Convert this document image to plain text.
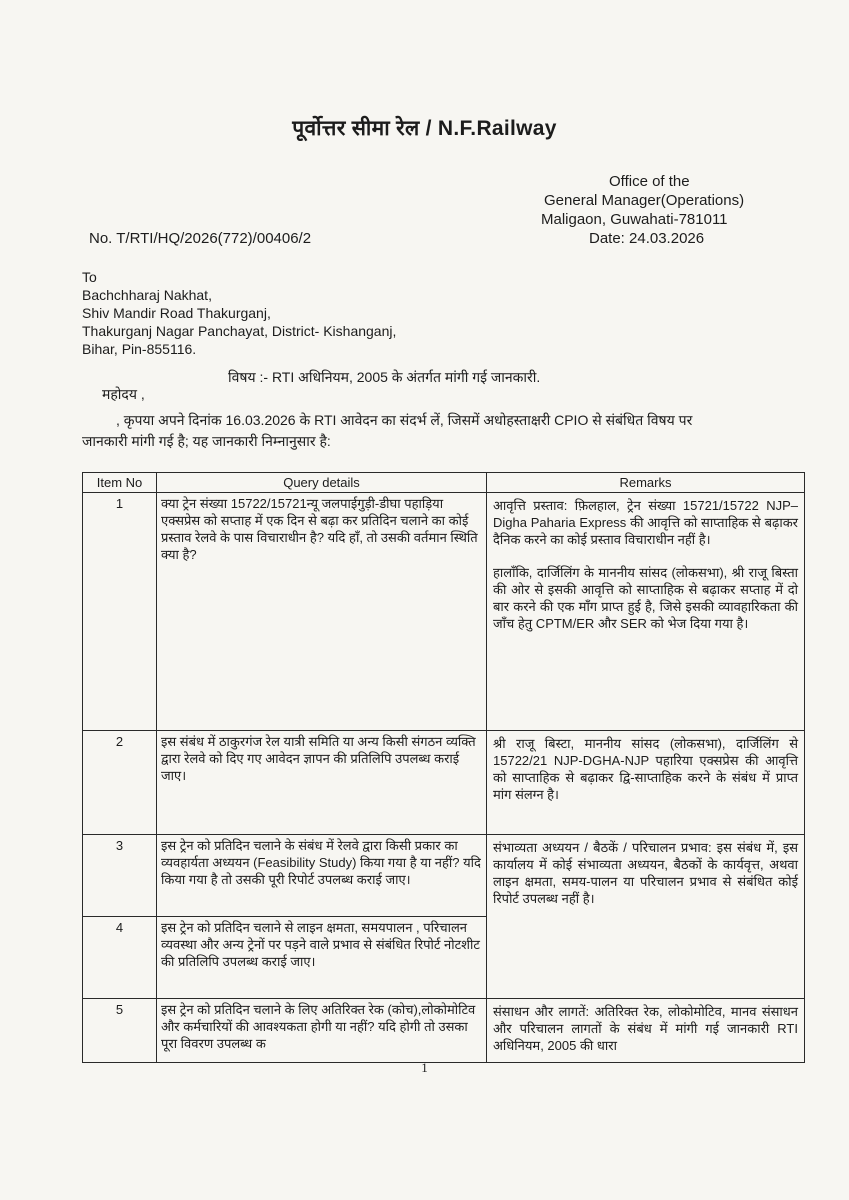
पूर्वोत्तर सीमा रेल / N.F.Railway
Office of the
General Manager(Operations)
Maligaon, Guwahati-781011
Date: 24.03.2026
No. T/RTI/HQ/2026(772)/00406/2
To
Bachchharaj Nakhat,
Shiv Mandir Road Thakurganj,
Thakurganj Nagar Panchayat, District- Kishanganj,
Bihar, Pin-855116.
विषय :- RTI अधिनियम, 2005 के अंतर्गत मांगी गई जानकारी.
महोदय ,
, कृपया अपने दिनांक 16.03.2026 के RTI आवेदन का संदर्भ लें, जिसमें अधोहस्ताक्षरी CPIO से संबंधित विषय पर
जानकारी मांगी गई है; यह जानकारी निम्नानुसार है:
Item No	Query details	Remarks
1	क्या ट्रेन संख्या 15722/15721न्यू जलपाईगुड़ी-डीघा पहाड़िया एक्सप्रेस को सप्ताह में एक दिन से बढ़ा कर प्रतिदिन चलाने का कोई प्रस्ताव रेलवे के पास विचाराधीन है? यदि हाँ, तो उसकी वर्तमान स्थिति क्या है?	आवृत्ति प्रस्ताव: फ़िलहाल, ट्रेन संख्या 15721/15722 NJP–Digha Paharia Express की आवृत्ति को साप्ताहिक से बढ़ाकर दैनिक करने का कोई प्रस्ताव विचाराधीन नहीं है।

हालाँकि, दार्जिलिंग के माननीय सांसद (लोकसभा), श्री राजू बिस्ता की ओर से इसकी आवृत्ति को साप्ताहिक से बढ़ाकर सप्ताह में दो बार करने की एक माँग प्राप्त हुई है, जिसे इसकी व्यावहारिकता की जाँच हेतु CPTM/ER और SER को भेज दिया गया है।

2	इस संबंध में ठाकुरगंज रेल यात्री समिति या अन्य किसी संगठन व्यक्ति द्वारा रेलवे को दिए गए आवेदन ज्ञापन की प्रतिलिपि उपलब्ध कराई जाए।	श्री राजू बिस्टा, माननीय सांसद (लोकसभा), दार्जिलिंग से 15722/21 NJP-DGHA-NJP पहारिया एक्सप्रेस की आवृत्ति को साप्ताहिक से बढ़ाकर द्वि-साप्ताहिक करने के संबंध में प्राप्त मांग संलग्न है।

3	इस ट्रेन को प्रतिदिन चलाने के संबंध में रेलवे द्वारा किसी प्रकार का व्यवहार्यता अध्ययन (Feasibility Study) किया गया है या नहीं? यदि किया गया है तो उसकी पूरी रिपोर्ट उपलब्ध कराई जाए।	संभाव्यता अध्ययन / बैठकें / परिचालन प्रभाव: इस संबंध में, इस कार्यालय में कोई संभाव्यता अध्ययन, बैठकों के कार्यवृत्त, अथवा लाइन क्षमता, समय-पालन या परिचालन प्रभाव से संबंधित कोई रिपोर्ट उपलब्ध नहीं है।

4	इस ट्रेन को प्रतिदिन चलाने से लाइन क्षमता, समयपालन , परिचालन व्यवस्था और अन्य ट्रेनों पर पड़ने वाले प्रभाव से संबंधित रिपोर्ट नोटशीट की प्रतिलिपि उपलब्ध कराई जाए।	
5	इस ट्रेन को प्रतिदिन चलाने के लिए अतिरिक्त रेक (कोच),लोकोमोटिव और कर्मचारियों की आवश्यकता होगी या नहीं? यदि होगी तो उसका पूरा विवरण उपलब्ध क	संसाधन और लागतें: अतिरिक्त रेक, लोकोमोटिव, मानव संसाधन और परिचालन लागतों के संबंध में मांगी गई जानकारी RTI अधिनियम, 2005 की धारा

1
